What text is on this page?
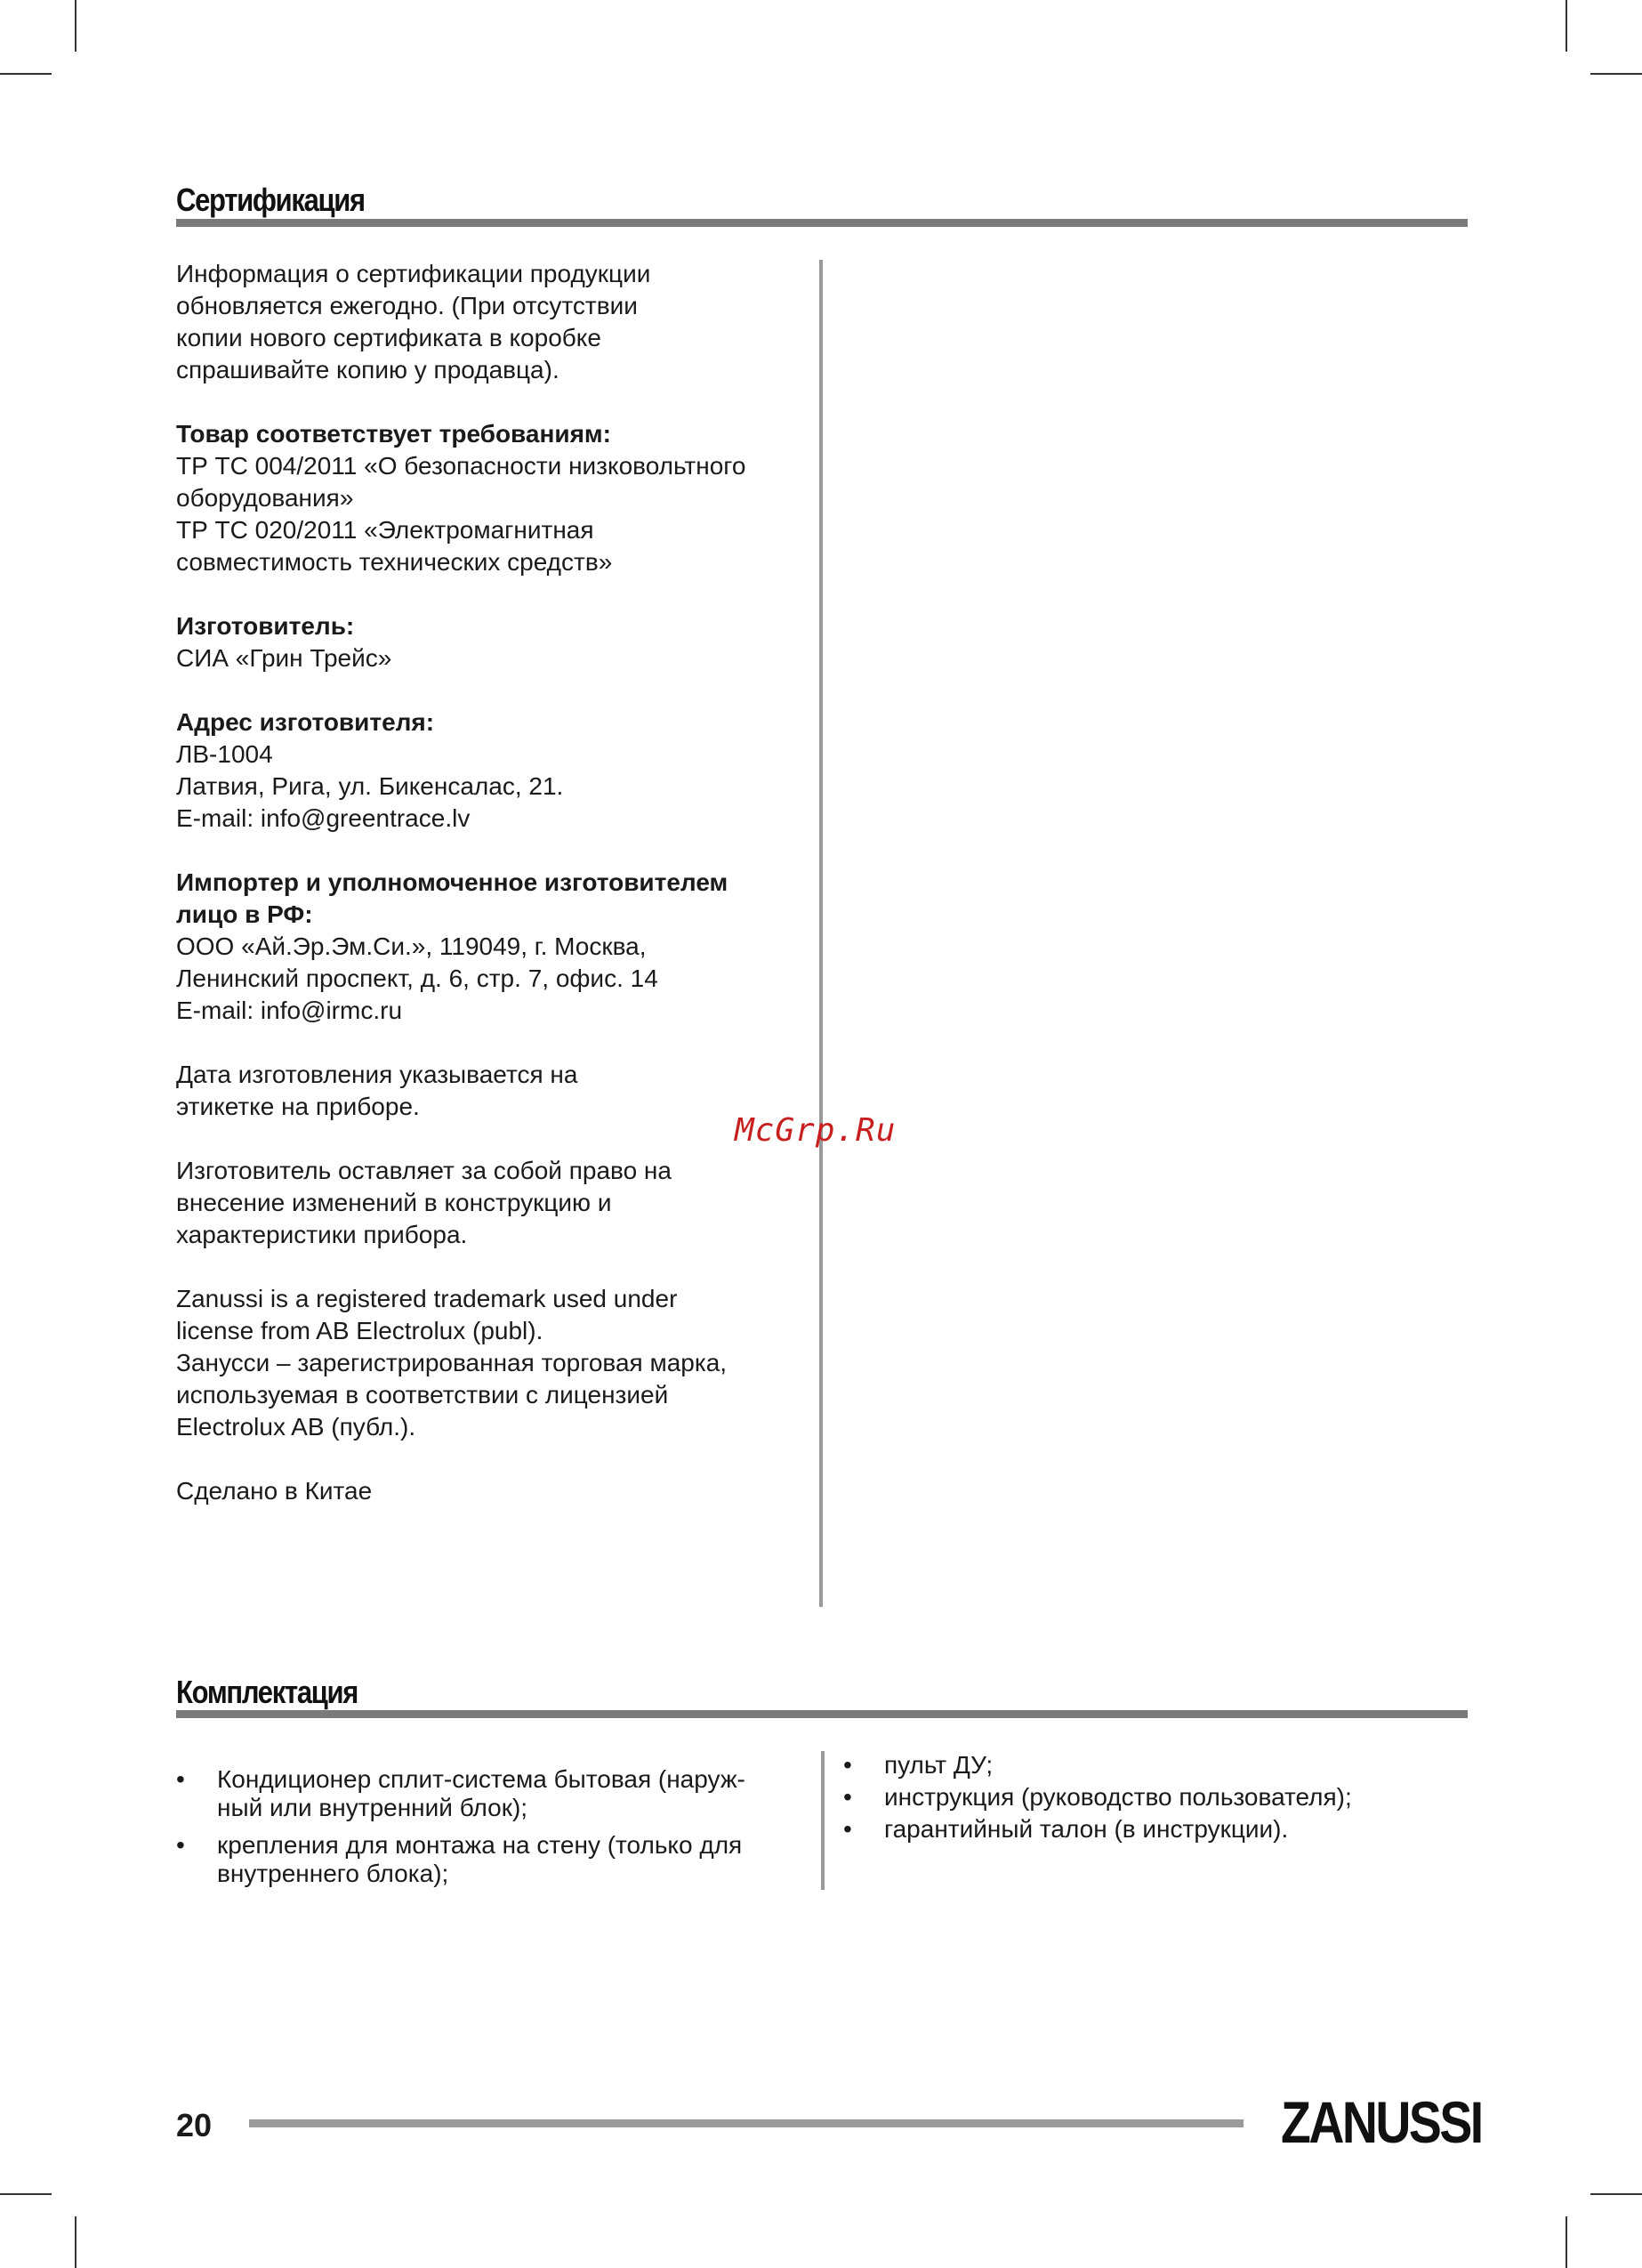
Сертификация

Информация о сертификации продукции
обновляется ежегодно. (При отсутствии
копии нового сертификата в коробке
спрашивайте копию у продавца).

Товар соответствует требованиям:
ТР ТС 004/2011 «О безопасности низковольтного
оборудования»
ТР ТС 020/2011 «Электромагнитная
совместимость технических средств»

Изготовитель:
СИА «Грин Трейс»

Адрес изготовителя:
ЛВ-1004
Латвия, Рига, ул. Бикенсалас, 21.
E-mail: info@greentrace.lv

Импортер и уполномоченное изготовителем
лицо в РФ:
ООО «Ай.Эр.Эм.Си.», 119049, г. Москва,
Ленинский проспект, д. 6, стр. 7, офис. 14
E-mail: info@irmc.ru

Дата изготовления указывается на
этикетке на приборе.

Изготовитель оставляет за собой право на
внесение изменений в конструкцию и
характеристики прибора.

Zanussi is a registered trademark used under
license from AB Electrolux (publ).
Занусси – зарегистрированная торговая марка,
используемая в соответствии с лицензией
Electrolux AB (публ.).

Сделано в Китае

McGrp.Ru
Комплектация
• Кондиционер сплит-система бытовая (наруж-
ный или внутренний блок);
• крепления для монтажа на стену (только для
внутреннего блока);
• пульт ДУ;
• инструкция (руководство пользователя);
• гарантийный талон (в инструкции).
20	ZANUSSI
